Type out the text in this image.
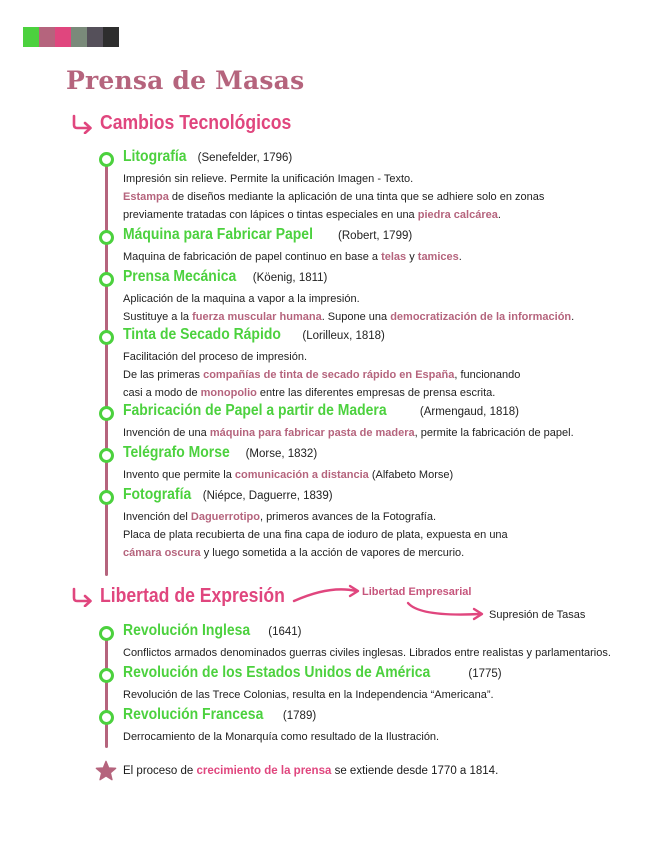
Prensa de Masas
Cambios Tecnológicos
Litografía (Senefelder, 1796)
Impresión sin relieve. Permite la unificación Imagen - Texto.
Estampa de diseños mediante la aplicación de una tinta que se adhiere solo en zonas
previamente tratadas con lápices o tintas especiales en una piedra calcárea.
Máquina para Fabricar Papel (Robert, 1799)
Maquina de fabricación de papel continuo en base a telas y tamices.
Prensa Mecánica (Köenig, 1811)
Aplicación de la maquina a vapor a la impresión.
Sustituye a la fuerza muscular humana. Supone una democratización de la información.
Tinta de Secado Rápido (Lorilleux, 1818)
Facilitación del proceso de impresión.
De las primeras compañías de tinta de secado rápido en España, funcionando
casi a modo de monopolio entre las diferentes empresas de prensa escrita.
Fabricación de Papel a partir de Madera	(Armengaud, 1818)
Invención de una máquina para fabricar pasta de madera, permite la fabricación de papel.
Telégrafo Morse (Morse, 1832)
Invento que permite la comunicación a distancia (Alfabeto Morse)
Fotografía (Niépce, Daguerre, 1839)
Invención del Daguerrotipo, primeros avances de la Fotografía.
Placa de plata recubierta de una fina capa de ioduro de plata, expuesta en una
cámara oscura y luego sometida a la acción de vapores de mercurio.
Libertad de Expresión	Libertad Empresarial
Supresión de Tasas
Revolución Inglesa (1641)
Conflictos armados denominados guerras civiles inglesas. Librados entre realistas y parlamentarios.
Revolución de los Estados Unidos de América	(1775)
Revolución de las Trece Colonias, resulta en la Independencia “Americana”.
Revolución Francesa (1789)
Derrocamiento de la Monarquía como resultado de la Ilustración.
El proceso de crecimiento de la prensa se extiende desde 1770 a 1814.
